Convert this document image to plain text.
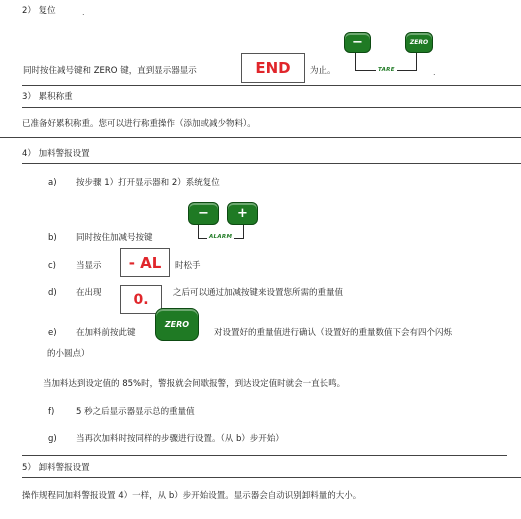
2） 复位	.
−	ZERO
TARE
同时按住减号键和 ZERO 键，直到显示器显示	END	为止。	.
3） 累积称重
已准备好累积称重。您可以进行称重操作（添加或减少物料）。
4） 加料警报设置
a) 按步骤 1）打开显示器和 2）系统复位
−	+
ALARM
b) 同时按住加减号按键
c) 当显示	- AL	时松手
d) 在出现	0.	之后可以通过加减按键来设置您所需的重量值
e) 在加料前按此键
ZERO
对设置好的重量值进行确认（设置好的重量数值下会有四个闪烁
的小圆点）
当加料达到设定值的 85%时，警报就会间歇报警，到达设定值时就会一直长鸣。
f)	5 秒之后显示器显示总的重量值
g) 当再次加料时按同样的步骤进行设置。（从 b）步开始）
5） 卸料警报设置
操作规程同加料警报设置 4）一样，从 b）步开始设置。显示器会自动识别卸料量的大小。
